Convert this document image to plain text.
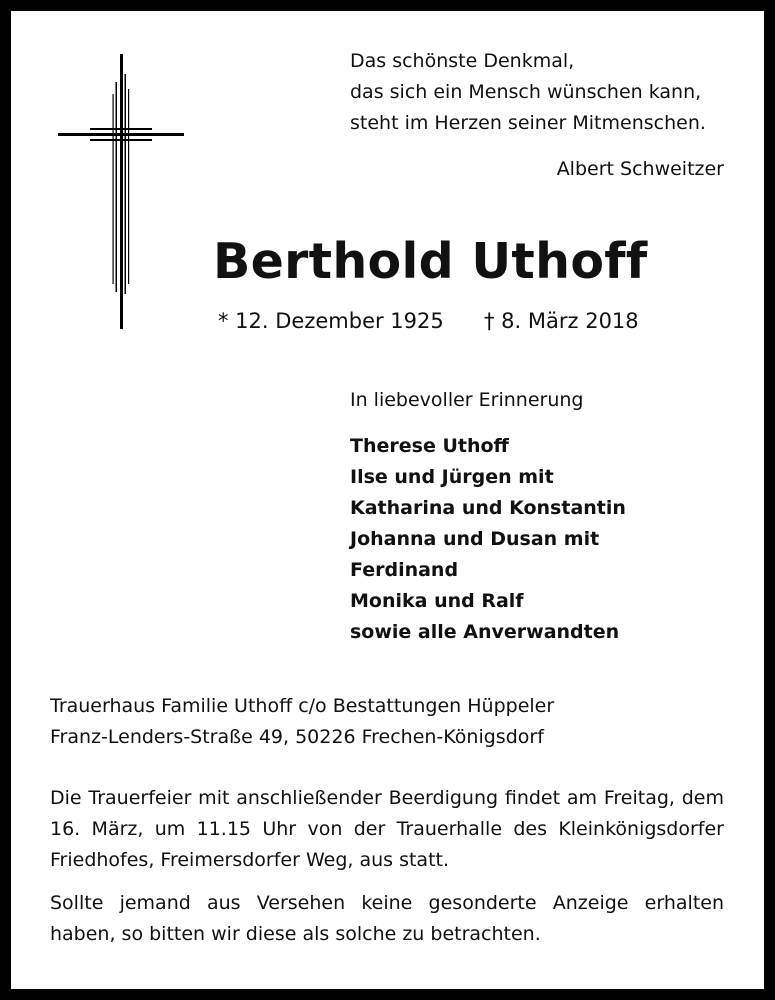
Das schönste Denkmal,
das sich ein Mensch wünschen kann,
steht im Herzen seiner Mitmenschen.
Albert Schweitzer
Berthold Uthoff
* 12. Dezember 1925 † 8. März 2018
In liebevoller Erinnerung
Therese Uthoff
Ilse und Jürgen mit
Katharina und Konstantin
Johanna und Dusan mit
Ferdinand
Monika und Ralf
sowie alle Anverwandten
Trauerhaus Familie Uthoff c/o Bestattungen Hüppeler
Franz-Lenders-Straße 49, 50226 Frechen-Königsdorf
Die Trauerfeier mit anschließender Beerdigung findet am Freitag, dem 16. März, um 11.15 Uhr von der Trauerhalle des Kleinkönigsdorfer Friedhofes, Freimersdorfer Weg, aus statt.
Sollte jemand aus Versehen keine gesonderte Anzeige erhalten haben, so bitten wir diese als solche zu betrachten.
